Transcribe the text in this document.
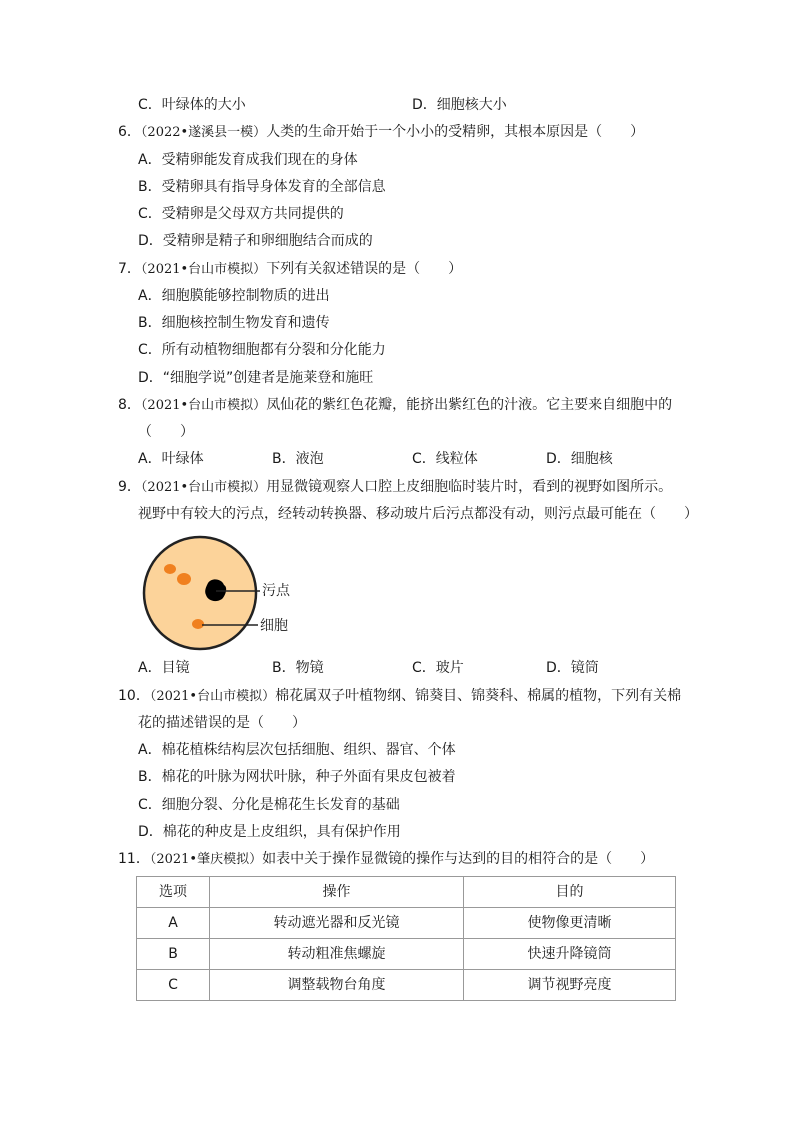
C．叶绿体的大小	D．细胞核大小
6．（2022•遂溪县一模）人类的生命开始于一个小小的受精卵，其根本原因是（　　）
A．受精卵能发育成我们现在的身体
B．受精卵具有指导身体发育的全部信息
C．受精卵是父母双方共同提供的
D．受精卵是精子和卵细胞结合而成的
7．（2021•台山市模拟）下列有关叙述错误的是（　　）
A．细胞膜能够控制物质的进出
B．细胞核控制生物发育和遗传
C．所有动植物细胞都有分裂和分化能力
D．“细胞学说”创建者是施莱登和施旺
8．（2021•台山市模拟）凤仙花的紫红色花瓣，能挤出紫红色的汁液。它主要来自细胞中的
（　　）
A．叶绿体	B．液泡	C．线粒体	D．细胞核
9．（2021•台山市模拟）用显微镜观察人口腔上皮细胞临时装片时，看到的视野如图所示。
视野中有较大的污点，经转动转换器、移动玻片后污点都没有动，则污点最可能在（　　）
污点
细胞
A．目镜	B．物镜	C．玻片	D．镜筒
10．（2021•台山市模拟）棉花属双子叶植物纲、锦葵目、锦葵科、棉属的植物，下列有关棉
花的描述错误的是（　　）
A．棉花植株结构层次包括细胞、组织、器官、个体
B．棉花的叶脉为网状叶脉，种子外面有果皮包被着
C．细胞分裂、分化是棉花生长发育的基础
D．棉花的种皮是上皮组织，具有保护作用
11．（2021•肇庆模拟）如表中关于操作显微镜的操作与达到的目的相符合的是（　　）
选项	操作	目的
A	转动遮光器和反光镜	使物像更清晰
B	转动粗准焦螺旋	快速升降镜筒
C	调整载物台角度	调节视野亮度
